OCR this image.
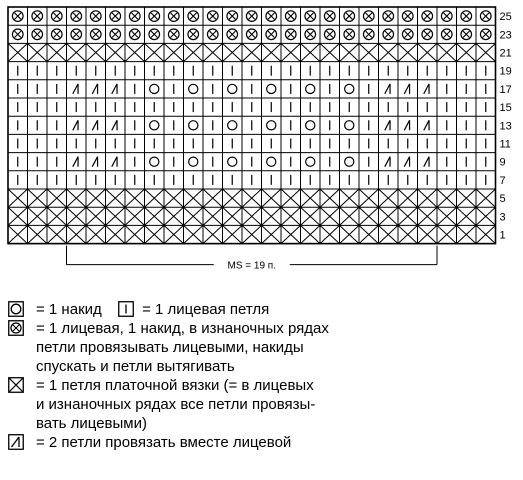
25
23
21
19
17
15
13
11
9
7
5
3
1
MS = 19 п.
= 1 накид	= 1 лицевая петля
= 1 лицевая, 1 накид, в изнаночных рядах
петли провязывать лицевыми, накиды
спускать и петли вытягивать
= 1 петля платочной вязки (= в лицевых
и изнаночных рядах все петли провязы-
вать лицевыми)
= 2 петли провязать вместе лицевой
